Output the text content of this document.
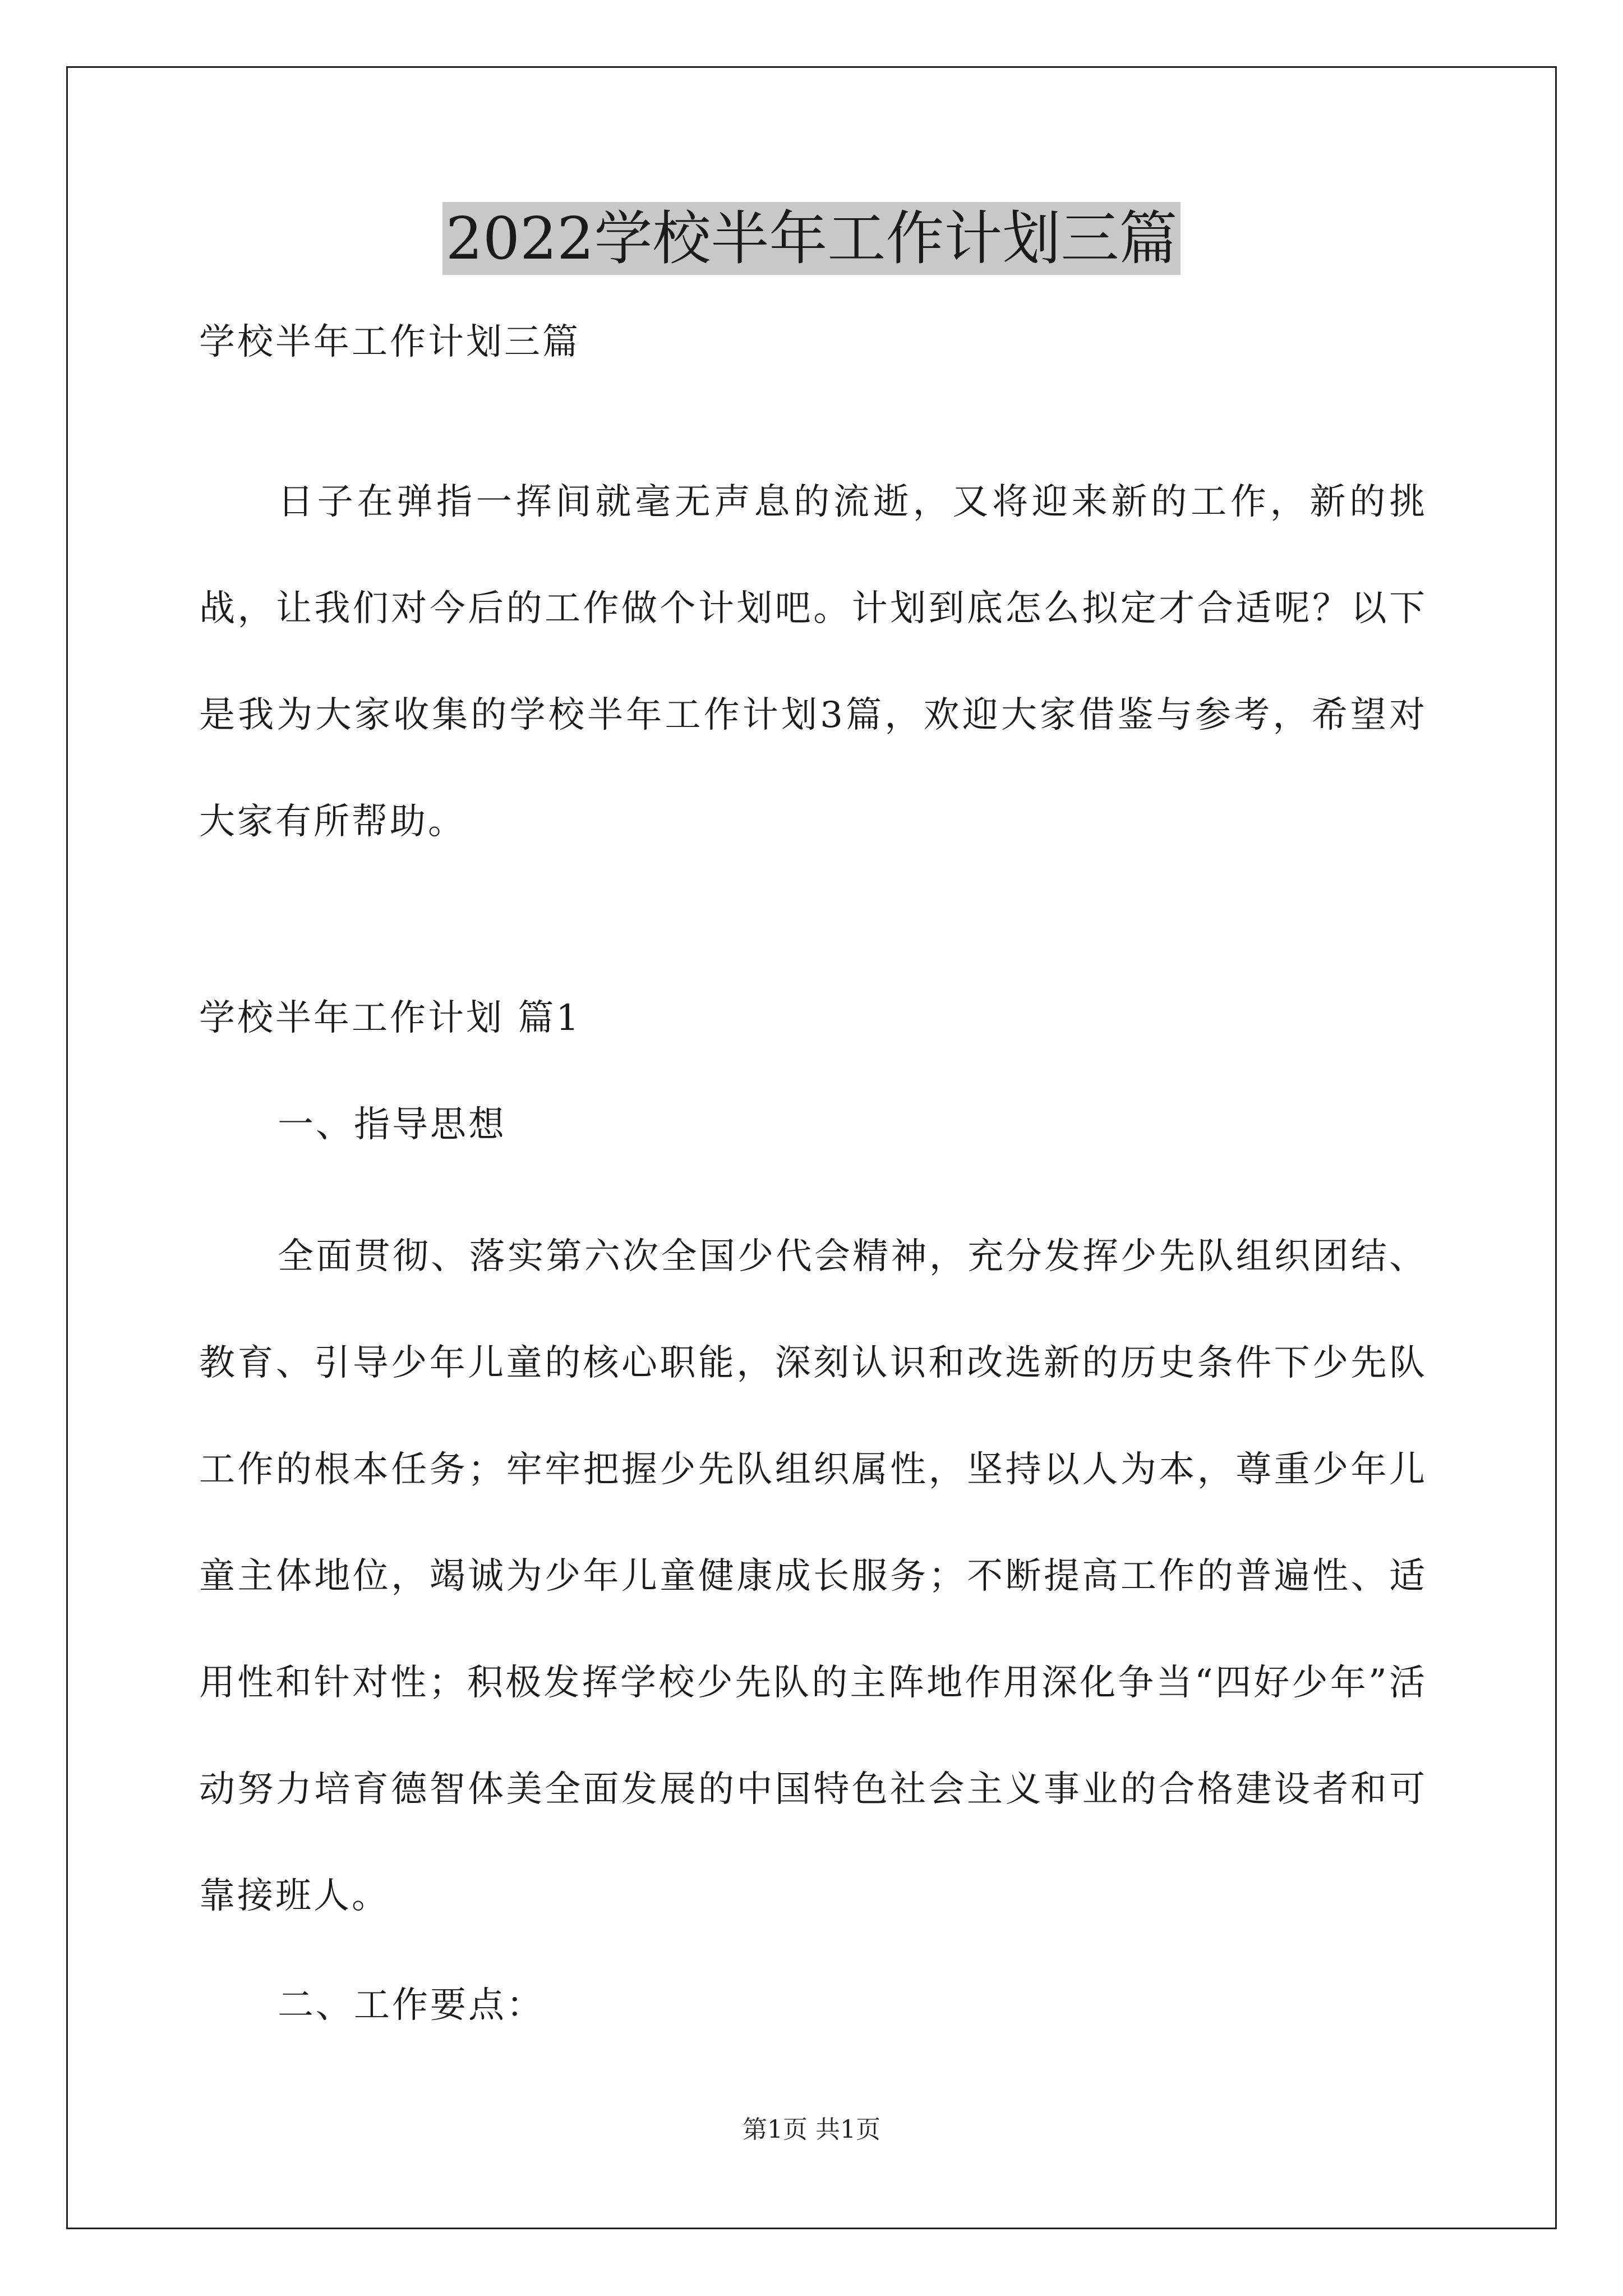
2022学校半年工作计划三篇
学校半年工作计划三篇
日子在弹指一挥间就毫无声息的流逝，又将迎来新的工作，新的挑战，让我们对今后的工作做个计划吧。计划到底怎么拟定才合适呢？以下是我为大家收集的学校半年工作计划3篇，欢迎大家借鉴与参考，希望对大家有所帮助。
学校半年工作计划 篇1
一、指导思想
全面贯彻、落实第六次全国少代会精神，充分发挥少先队组织团结、教育、引导少年儿童的核心职能，深刻认识和改选新的历史条件下少先队工作的根本任务；牢牢把握少先队组织属性，坚持以人为本，尊重少年儿童主体地位，竭诚为少年儿童健康成长服务；不断提高工作的普遍性、适用性和针对性；积极发挥学校少先队的主阵地作用深化争当“四好少年”活动努力培育德智体美全面发展的中国特色社会主义事业的合格建设者和可靠接班人。
二、工作要点：
第1页 共1页
